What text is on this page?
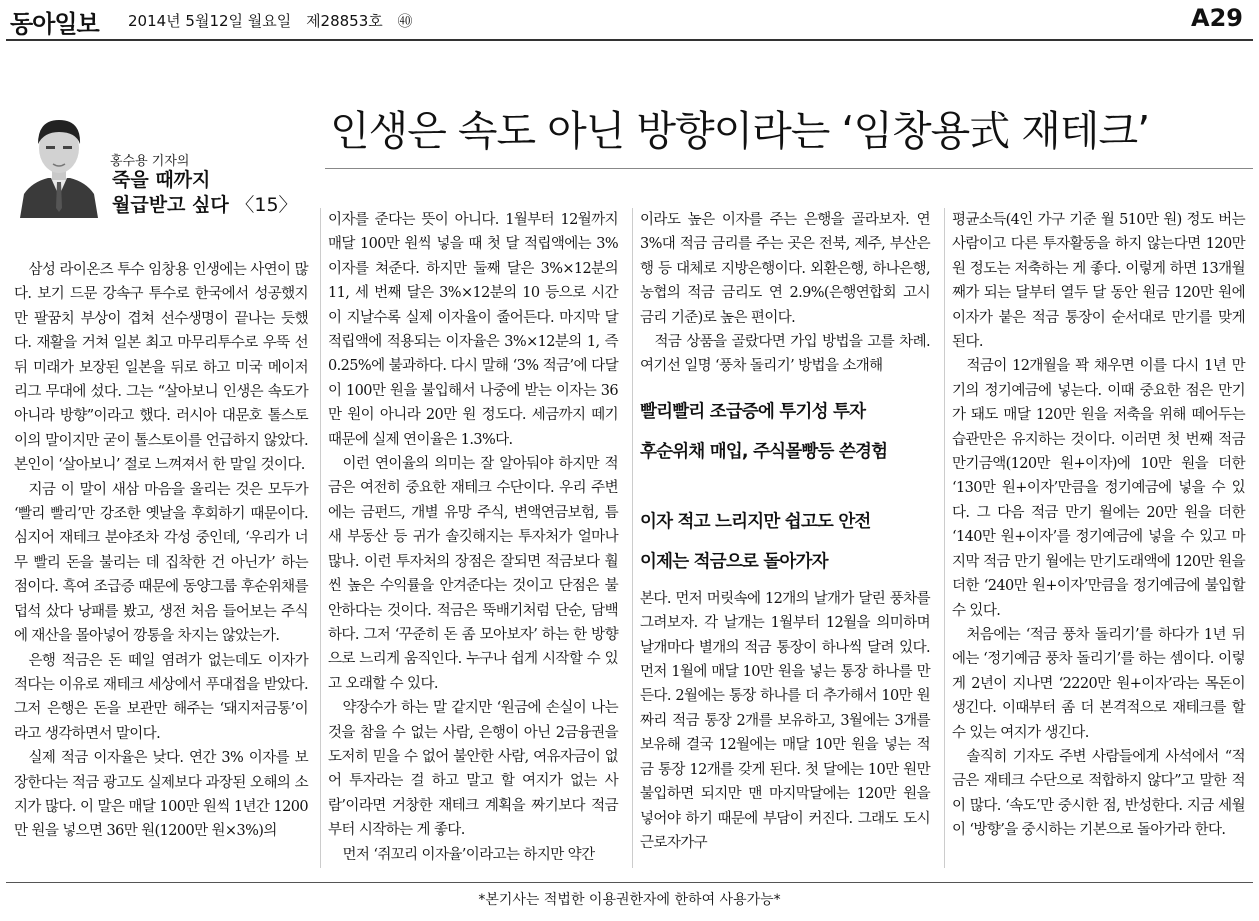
동아일보 2014년 5월12일 월요일 제28853호 ㊵	A29
홍수용 기자의
죽을 때까지
월급받고 싶다 〈15〉
인생은 속도 아닌 방향이라는 ‘임창용式 재테크’

삼성 라이온즈 투수 임창용 인생에는 사연이 많다. 보기 드문 강속구 투수로 한국에서 성공했지만 팔꿈치 부상이 겹쳐 선수생명이 끝나는 듯했다. 재활을 거쳐 일본 최고 마무리투수로 우뚝 선 뒤 미래가 보장된 일본을 뒤로 하고 미국 메이저리그 무대에 섰다. 그는 “살아보니 인생은 속도가 아니라 방향”이라고 했다. 러시아 대문호 톨스토이의 말이지만 굳이 톨스토이를 언급하지 않았다. 본인이 ‘살아보니’ 절로 느껴져서 한 말일 것이다.

지금 이 말이 새삼 마음을 울리는 것은 모두가 ‘빨리 빨리’만 강조한 옛날을 후회하기 때문이다. 심지어 재테크 분야조차 각성 중인데, ‘우리가 너무 빨리 돈을 불리는 데 집착한 건 아닌가’ 하는 점이다. 흑여 조급증 때문에 동양그룹 후순위채를 덥석 샀다 낭패를 봤고, 생전 처음 들어보는 주식에 재산을 몰아넣어 깡통을 차지는 않았는가.

은행 적금은 돈 떼일 염려가 없는데도 이자가 적다는 이유로 재테크 세상에서 푸대접을 받았다. 그저 은행은 돈을 보관만 해주는 ‘돼지저금통’이라고 생각하면서 말이다.

실제 적금 이자율은 낮다. 연간 3% 이자를 보장한다는 적금 광고도 실제보다 과장된 오해의 소지가 많다. 이 말은 매달 100만 원씩 1년간 1200만 원을 넣으면 36만 원(1200만 원×3%)의

이자를 준다는 뜻이 아니다. 1월부터 12월까지 매달 100만 원씩 넣을 때 첫 달 적립액에는 3% 이자를 쳐준다. 하지만 둘째 달은 3%×12분의 11, 세 번째 달은 3%×12분의 10 등으로 시간이 지날수록 실제 이자율이 줄어든다. 마지막 달 적립액에 적용되는 이자율은 3%×12분의 1, 즉 0.25%에 불과하다. 다시 말해 ‘3% 적금’에 다달이 100만 원을 불입해서 나중에 받는 이자는 36만 원이 아니라 20만 원 정도다. 세금까지 떼기 때문에 실제 연이율은 1.3%다.

이런 연이율의 의미는 잘 알아둬야 하지만 적금은 여전히 중요한 재테크 수단이다. 우리 주변에는 금펀드, 개별 유망 주식, 변액연금보험, 틈새 부동산 등 귀가 솔깃해지는 투자처가 얼마나 많나. 이런 투자처의 장점은 잘되면 적금보다 훨씬 높은 수익률을 안겨준다는 것이고 단점은 불안하다는 것이다. 적금은 뚝배기처럼 단순, 담백하다. 그저 ‘꾸준히 돈 좀 모아보자’ 하는 한 방향으로 느리게 움직인다. 누구나 쉽게 시작할 수 있고 오래할 수 있다.

약장수가 하는 말 같지만 ‘원금에 손실이 나는 것을 참을 수 없는 사람, 은행이 아닌 2금융권을 도저히 믿을 수 없어 불안한 사람, 여유자금이 없어 투자라는 걸 하고 말고 할 여지가 없는 사람’이라면 거창한 재테크 계획을 짜기보다 적금부터 시작하는 게 좋다.

먼저 ‘쥐꼬리 이자율’이라고는 하지만 약간

이라도 높은 이자를 주는 은행을 골라보자. 연 3%대 적금 금리를 주는 곳은 전북, 제주, 부산은행 등 대체로 지방은행이다. 외환은행, 하나은행, 농협의 적금 금리도 연 2.9%(은행연합회 고시 금리 기준)로 높은 편이다.

적금 상품을 골랐다면 가입 방법을 고를 차례. 여기선 일명 ‘풍차 돌리기’ 방법을 소개해

빨리빨리 조급증에 투기성 투자
후순위채 매입, 주식몰빵등 쓴경험
이자 적고 느리지만 쉽고도 안전
이제는 적금으로 돌아가자

본다. 먼저 머릿속에 12개의 날개가 달린 풍차를 그려보자. 각 날개는 1월부터 12월을 의미하며 날개마다 별개의 적금 통장이 하나씩 달려 있다. 먼저 1월에 매달 10만 원을 넣는 통장 하나를 만든다. 2월에는 통장 하나를 더 추가해서 10만 원짜리 적금 통장 2개를 보유하고, 3월에는 3개를 보유해 결국 12월에는 매달 10만 원을 넣는 적금 통장 12개를 갖게 된다. 첫 달에는 10만 원만 불입하면 되지만 맨 마지막달에는 120만 원을 넣어야 하기 때문에 부담이 커진다. 그래도 도시근로자가구

평균소득(4인 가구 기준 월 510만 원) 정도 버는 사람이고 다른 투자활동을 하지 않는다면 120만 원 정도는 저축하는 게 좋다. 이렇게 하면 13개월째가 되는 달부터 열두 달 동안 원금 120만 원에 이자가 붙은 적금 통장이 순서대로 만기를 맞게 된다.

적금이 12개월을 꽉 채우면 이를 다시 1년 만기의 정기예금에 넣는다. 이때 중요한 점은 만기가 돼도 매달 120만 원을 저축을 위해 떼어두는 습관만은 유지하는 것이다. 이러면 첫 번째 적금 만기금액(120만 원+이자)에 10만 원을 더한 ‘130만 원+이자’만큼을 정기예금에 넣을 수 있다. 그 다음 적금 만기 월에는 20만 원을 더한 ‘140만 원+이자’를 정기예금에 넣을 수 있고 마지막 적금 만기 월에는 만기도래액에 120만 원을 더한 ‘240만 원+이자’만큼을 정기예금에 불입할 수 있다.

처음에는 ‘적금 풍차 돌리기’를 하다가 1년 뒤에는 ‘정기예금 풍차 돌리기’를 하는 셈이다. 이렇게 2년이 지나면 ‘2220만 원+이자’라는 목돈이 생긴다. 이때부터 좀 더 본격적으로 재테크를 할 수 있는 여지가 생긴다.

솔직히 기자도 주변 사람들에게 사석에서 “적금은 재테크 수단으로 적합하지 않다”고 말한 적이 많다. ‘속도’만 중시한 점, 반성한다. 지금 세월이 ‘방향’을 중시하는 기본으로 돌아가라 한다.

*본기사는 적법한 이용권한자에 한하여 사용가능*
